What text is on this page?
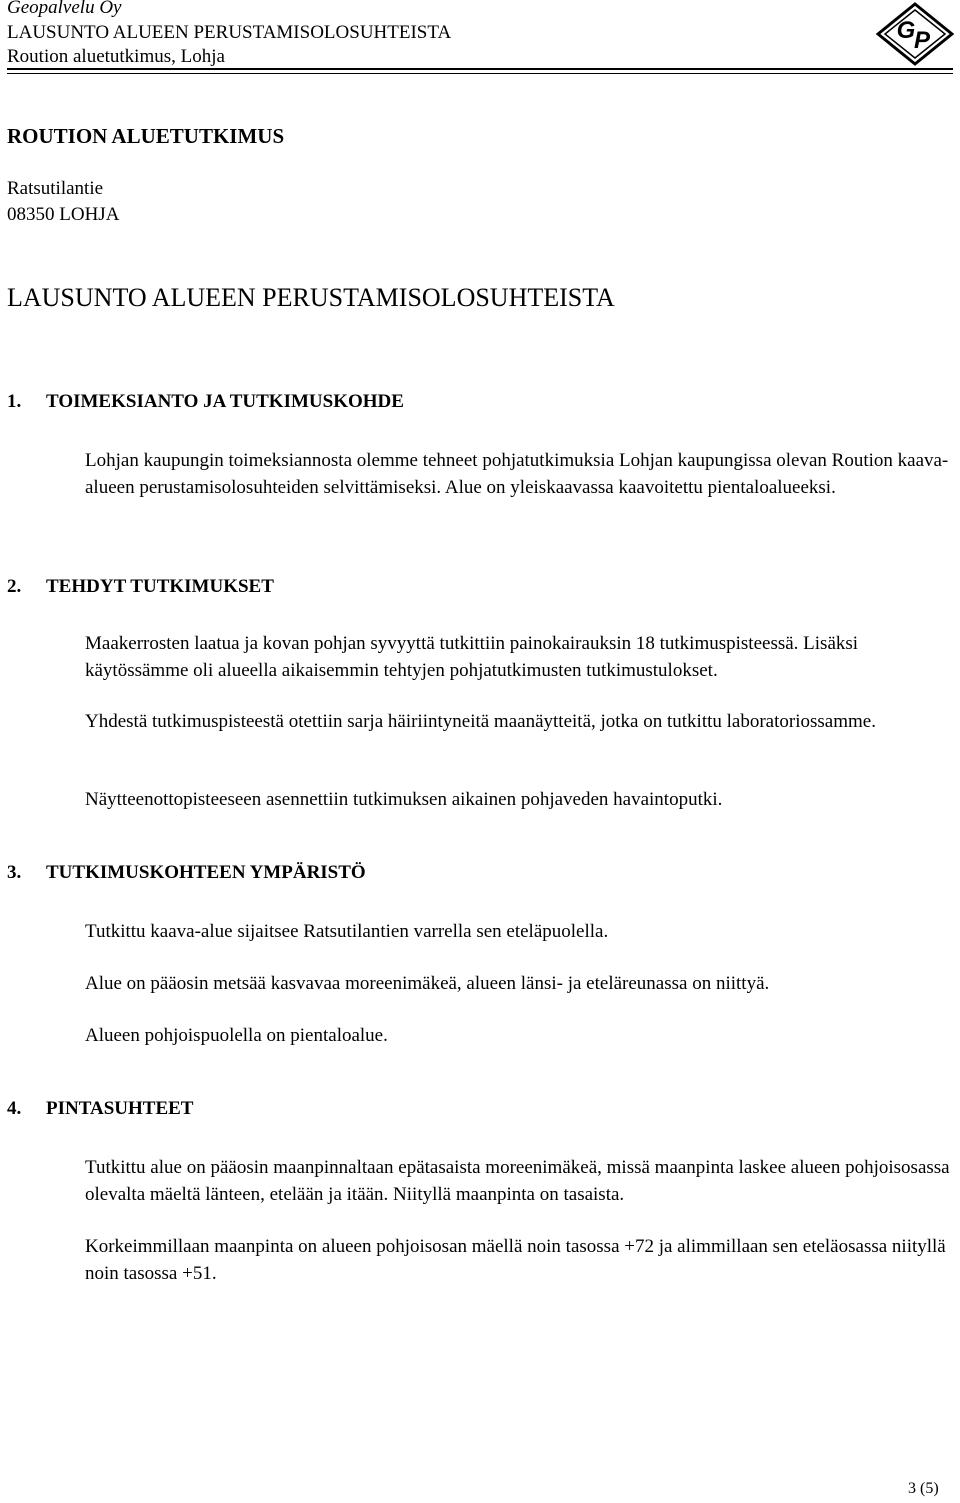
Geopalvelu Oy
LAUSUNTO ALUEEN PERUSTAMISOLOSUHTEISTA
Roution aluetutkimus, Lohja
G
P
ROUTION ALUETUTKIMUS
Ratsutilantie
08350 LOHJA
LAUSUNTO ALUEEN PERUSTAMISOLOSUHTEISTA
1. TOIMEKSIANTO JA TUTKIMUSKOHDE
Lohjan kaupungin toimeksiannosta olemme tehneet pohjatutkimuksia Lohjan kaupungissa olevan Roution kaava-alueen perustamisolosuhteiden selvittämiseksi. Alue on yleiskaavassa kaavoitettu pientaloalueeksi.
2. TEHDYT TUTKIMUKSET
Maakerrosten laatua ja kovan pohjan syvyyttä tutkittiin painokairauksin 18 tutkimuspisteessä. Lisäksi käytössämme oli alueella aikaisemmin tehtyjen pohjatutkimusten tutkimustulokset.
Yhdestä tutkimuspisteestä otettiin sarja häiriintyneitä maanäytteitä, jotka on tutkittu laboratoriossamme.
Näytteenottopisteeseen asennettiin tutkimuksen aikainen pohjaveden havaintoputki.
3. TUTKIMUSKOHTEEN YMPÄRISTÖ
Tutkittu kaava-alue sijaitsee Ratsutilantien varrella sen eteläpuolella.
Alue on pääosin metsää kasvavaa moreenimäkeä, alueen länsi- ja eteläreunassa on niittyä.
Alueen pohjoispuolella on pientaloalue.
4. PINTASUHTEET
Tutkittu alue on pääosin maanpinnaltaan epätasaista moreenimäkeä, missä maanpinta laskee alueen pohjoisosassa olevalta mäeltä länteen, etelään ja itään. Niityllä maanpinta on tasaista.
Korkeimmillaan maanpinta on alueen pohjoisosan mäellä noin tasossa +72 ja alimmillaan sen eteläosassa niityllä noin tasossa +51.
3 (5)
